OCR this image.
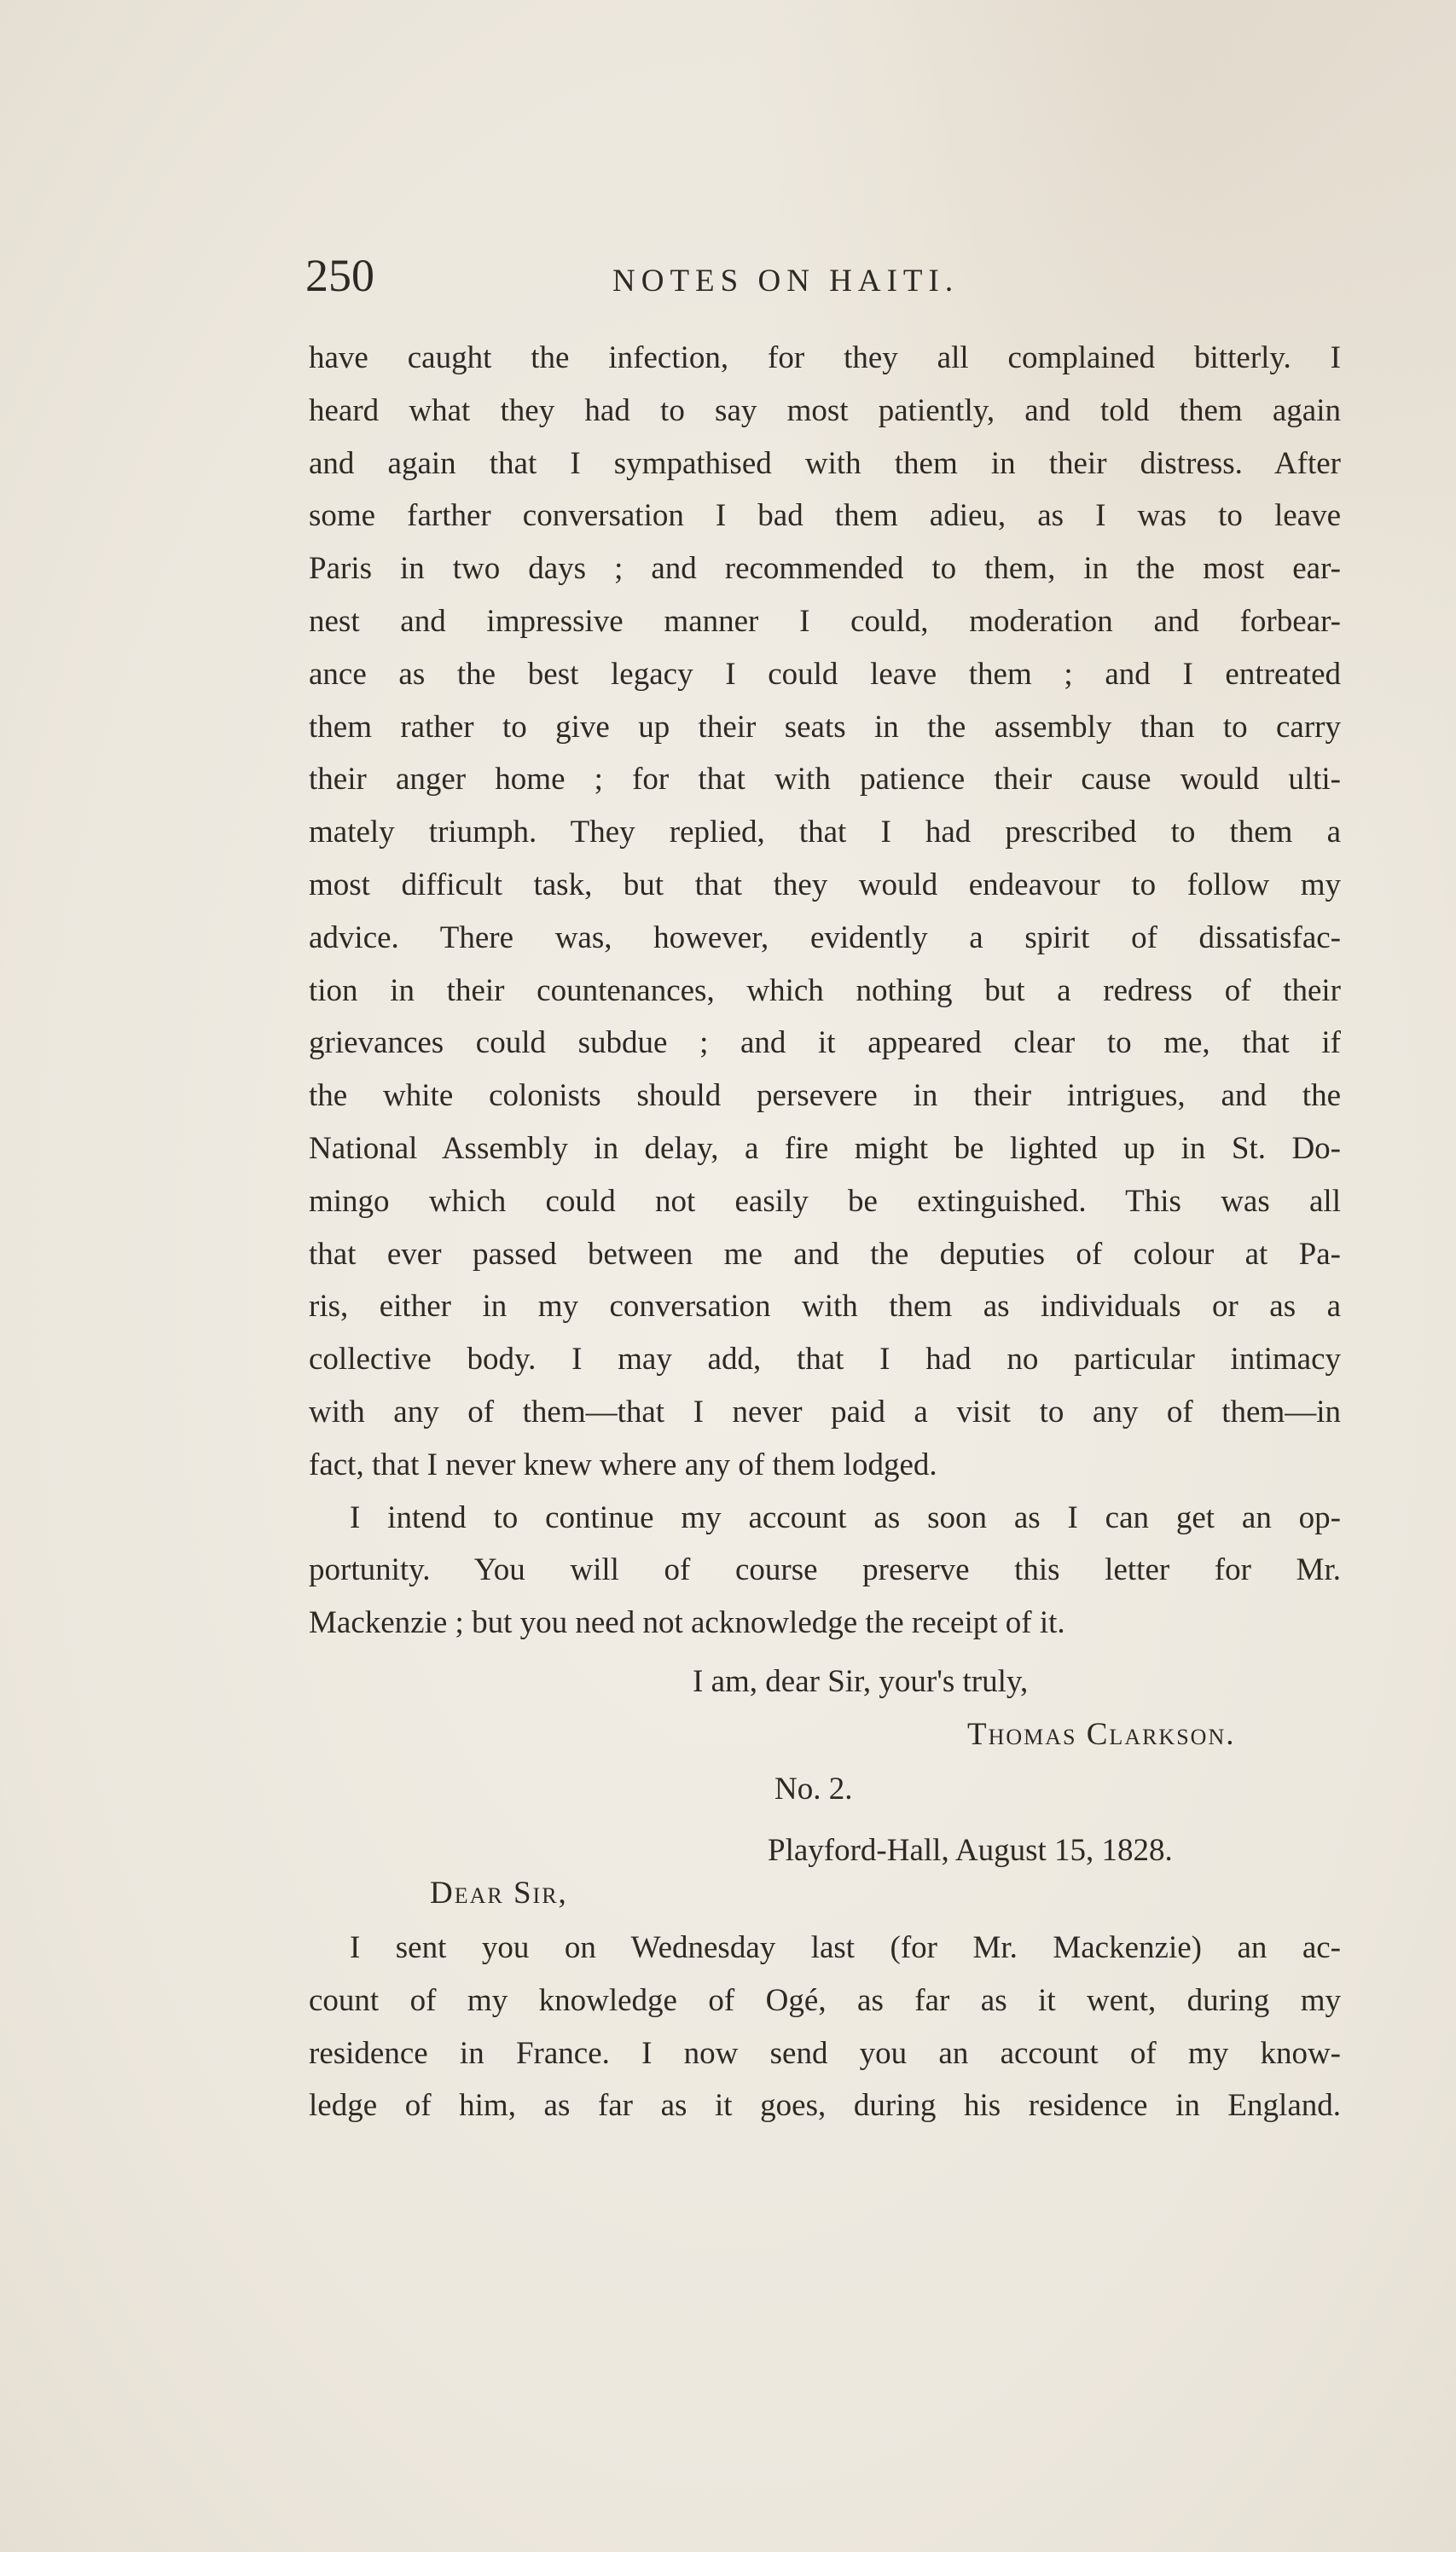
250	NOTES ON HAITI.
have caught the infection, for they all complained bitterly. I
heard what they had to say most patiently, and told them again
and again that I sympathised with them in their distress. After
some farther conversation I bad them adieu, as I was to leave
Paris in two days ; and recommended to them, in the most ear-
nest and impressive manner I could, moderation and forbear-
ance as the best legacy I could leave them ; and I entreated
them rather to give up their seats in the assembly than to carry
their anger home ; for that with patience their cause would ulti-
mately triumph. They replied, that I had prescribed to them a
most difficult task, but that they would endeavour to follow my
advice. There was, however, evidently a spirit of dissatisfac-
tion in their countenances, which nothing but a redress of their
grievances could subdue ; and it appeared clear to me, that if
the white colonists should persevere in their intrigues, and the
National Assembly in delay, a fire might be lighted up in St. Do-
mingo which could not easily be extinguished. This was all
that ever passed between me and the deputies of colour at Pa-
ris, either in my conversation with them as individuals or as a
collective body. I may add, that I had no particular intimacy
with any of them—that I never paid a visit to any of them—in
fact, that I never knew where any of them lodged.
I intend to continue my account as soon as I can get an op-
portunity. You will of course preserve this letter for Mr.
Mackenzie ; but you need not acknowledge the receipt of it.
I am, dear Sir, your's truly,
Thomas Clarkson.
No. 2.
Playford-Hall, August 15, 1828.
Dear Sir,
I sent you on Wednesday last (for Mr. Mackenzie) an ac-
count of my knowledge of Ogé, as far as it went, during my
residence in France. I now send you an account of my know-
ledge of him, as far as it goes, during his residence in England.
